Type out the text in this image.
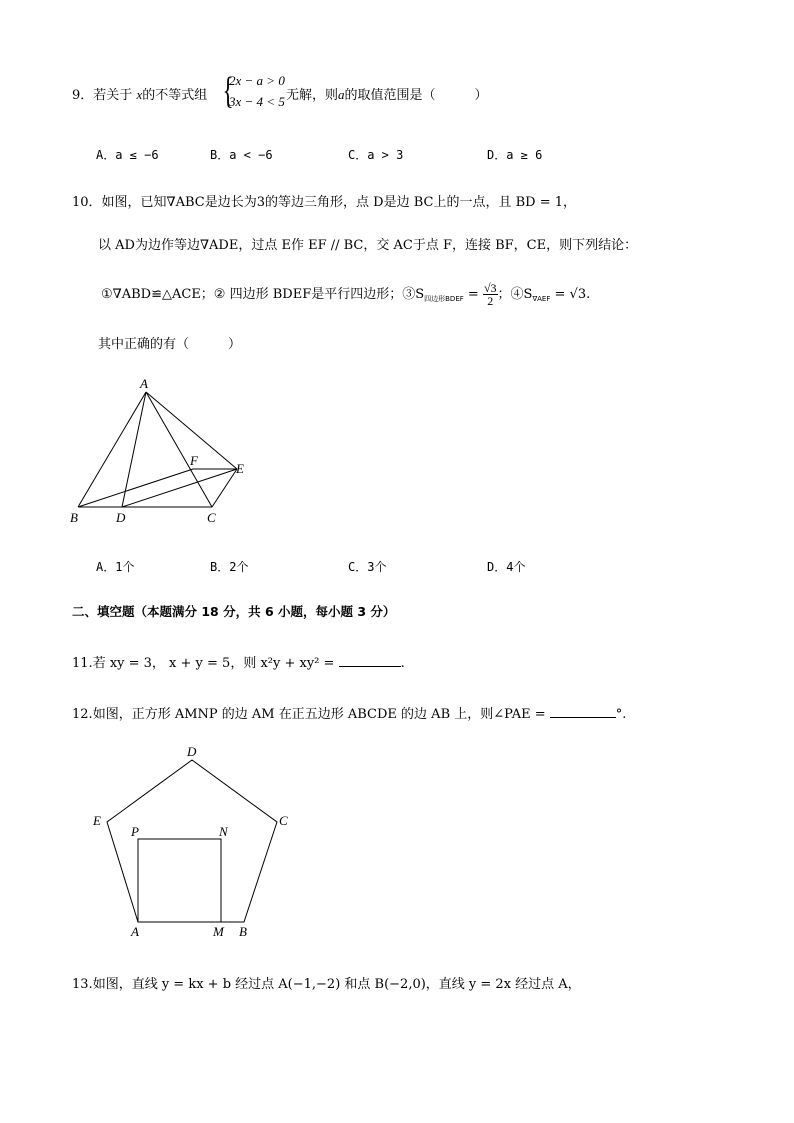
9．若关于 x的不等式组 {
2x − a > 0
3x − 4 < 5 无解，则a的取值范围是（　　　）
A．a ≤ −6	B．a < −6	C．a > 3	D．a ≥ 6
10．如图，已知∇ABC是边长为3的等边三角形，点 D是边 BC上的一点，且 BD = 1，
以 AD为边作等边∇ADE，过点 E作 EF // BC，交 AC于点 F，连接 BF，CE，则下列结论：
①∇ABD≌△ACE；② 四边形 BDEF是平行四边形；$③S_{四边形BDEF} = \frac{√3}{2}$ ；$④S_{\nabla AEF} = √3$.
其中正确的有（　　　）
A
B	D	C
E
F
A．1个	B．2个	C．3个	D．4个
二、填空题（本题满分 18 分，共 6 小题，每小题 3 分）
11.若 xy = 3， x + y = 5，则 x²y + xy² =	.
12.如图，正方形 AMNP 的边 AM 在正五边形 ABCDE 的边 AB 上，则∠PAE =	°.
D
E	C
P	N
A	M B
13.如图，直线 y = kx + b 经过点 A(−1,−2) 和点 B(−2,0)，直线 y = 2x 经过点 A，
